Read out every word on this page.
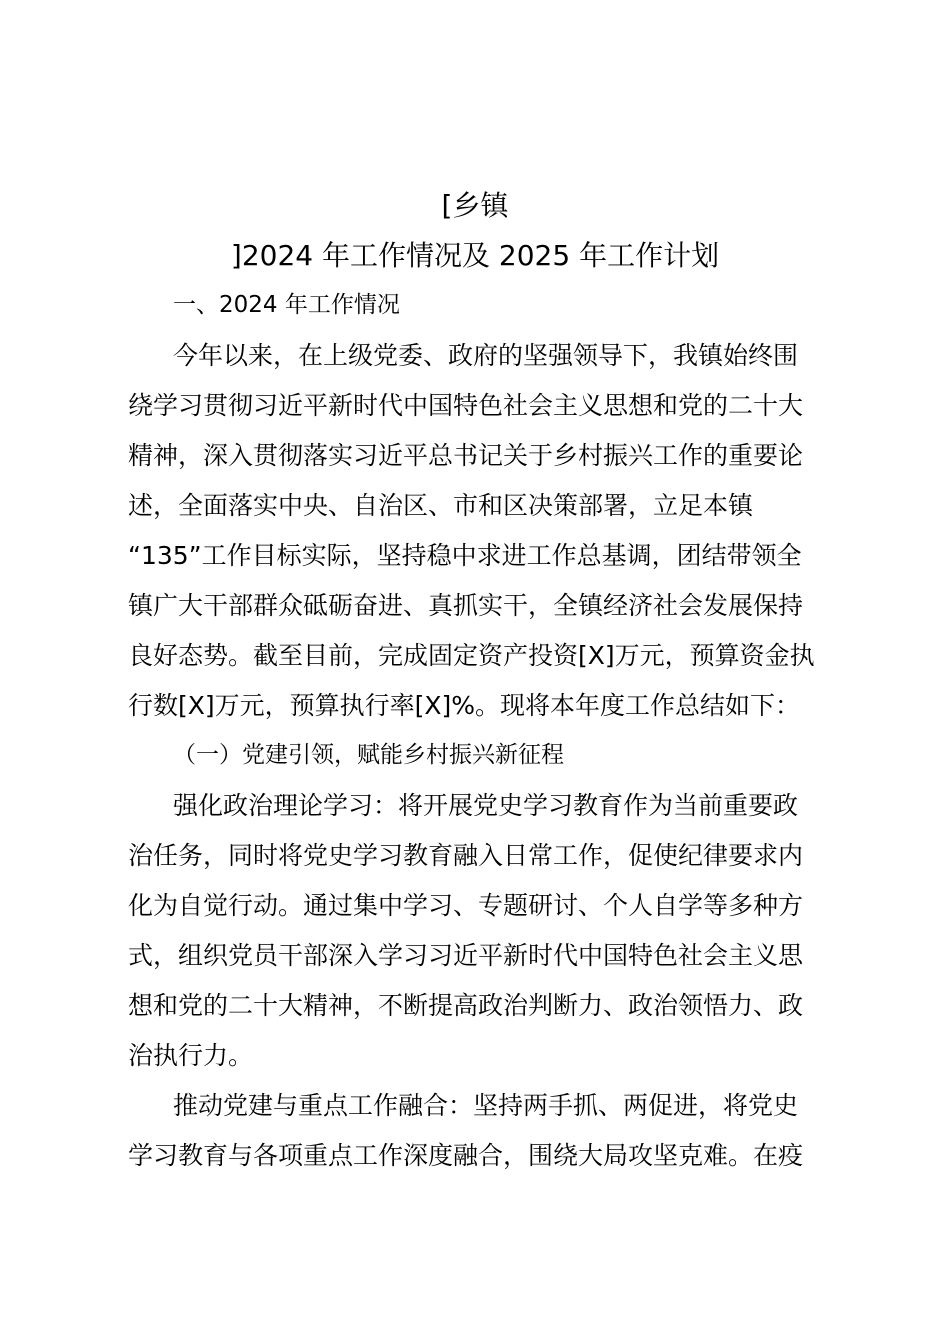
[乡镇
]2024 年工作情况及 2025 年工作计划
一、2024 年工作情况
今年以来，在上级党委、政府的坚强领导下，我镇始终围
绕学习贯彻习近平新时代中国特色社会主义思想和党的二十大
精神，深入贯彻落实习近平总书记关于乡村振兴工作的重要论
述，全面落实中央、自治区、市和区决策部署，立足本镇
“135”工作目标实际，坚持稳中求进工作总基调，团结带领全
镇广大干部群众砥砺奋进、真抓实干，全镇经济社会发展保持
良好态势。截至目前，完成固定资产投资[X]万元，预算资金执
行数[X]万元，预算执行率[X]%。现将本年度工作总结如下：
（一）党建引领，赋能乡村振兴新征程
强化政治理论学习：将开展党史学习教育作为当前重要政
治任务，同时将党史学习教育融入日常工作，促使纪律要求内
化为自觉行动。通过集中学习、专题研讨、个人自学等多种方
式，组织党员干部深入学习习近平新时代中国特色社会主义思
想和党的二十大精神，不断提高政治判断力、政治领悟力、政
治执行力。
推动党建与重点工作融合：坚持两手抓、两促进，将党史
学习教育与各项重点工作深度融合，围绕大局攻坚克难。在疫
